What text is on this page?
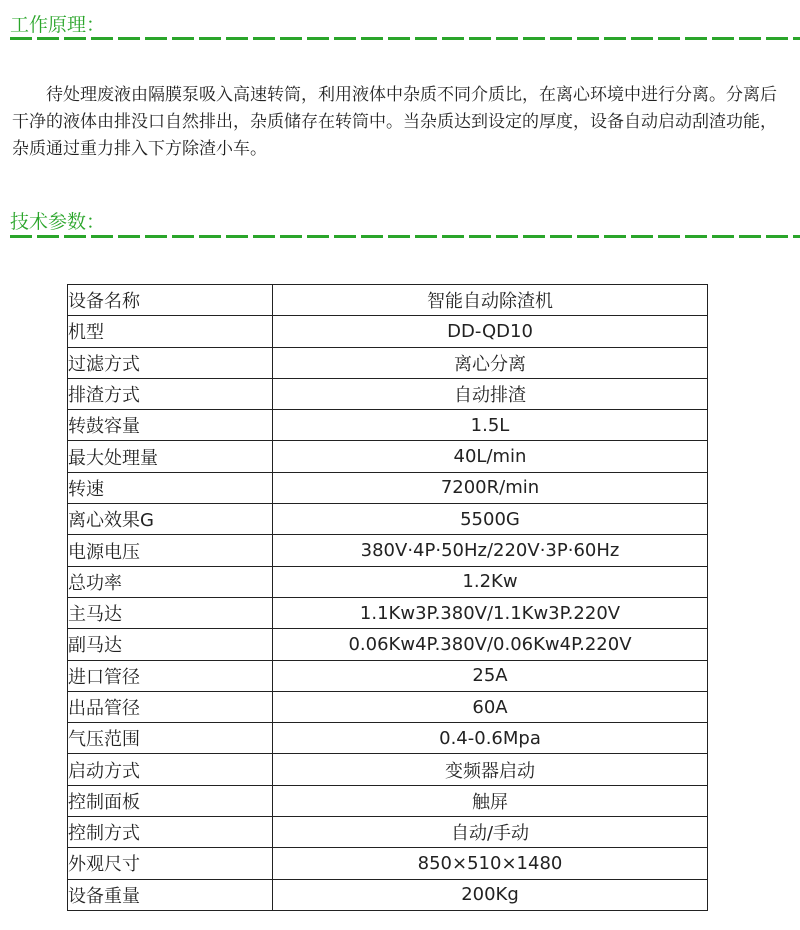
工作原理：

待处理废液由隔膜泵吸入高速转筒，利用液体中杂质不同介质比，在离心环境中进行分离。分离后干净的液体由排没口自然排出，杂质储存在转筒中。当杂质达到设定的厚度，设备自动启动刮渣功能，杂质通过重力排入下方除渣小车。

技术参数：
设备名称	智能自动除渣机
机型	DD-QD10
过滤方式	离心分离
排渣方式	自动排渣
转鼓容量	1.5L
最大处理量	40L/min
转速	7200R/min
离心效果G	5500G
电源电压	380V·4P·50Hz/220V·3P·60Hz
总功率	1.2Kw
主马达	1.1Kw3P.380V/1.1Kw3P.220V
副马达	0.06Kw4P.380V/0.06Kw4P.220V
进口管径	25A
出品管径	60A
气压范围	0.4-0.6Mpa
启动方式	变频器启动
控制面板	触屏
控制方式	自动/手动
外观尺寸	850×510×1480
设备重量	200Kg
